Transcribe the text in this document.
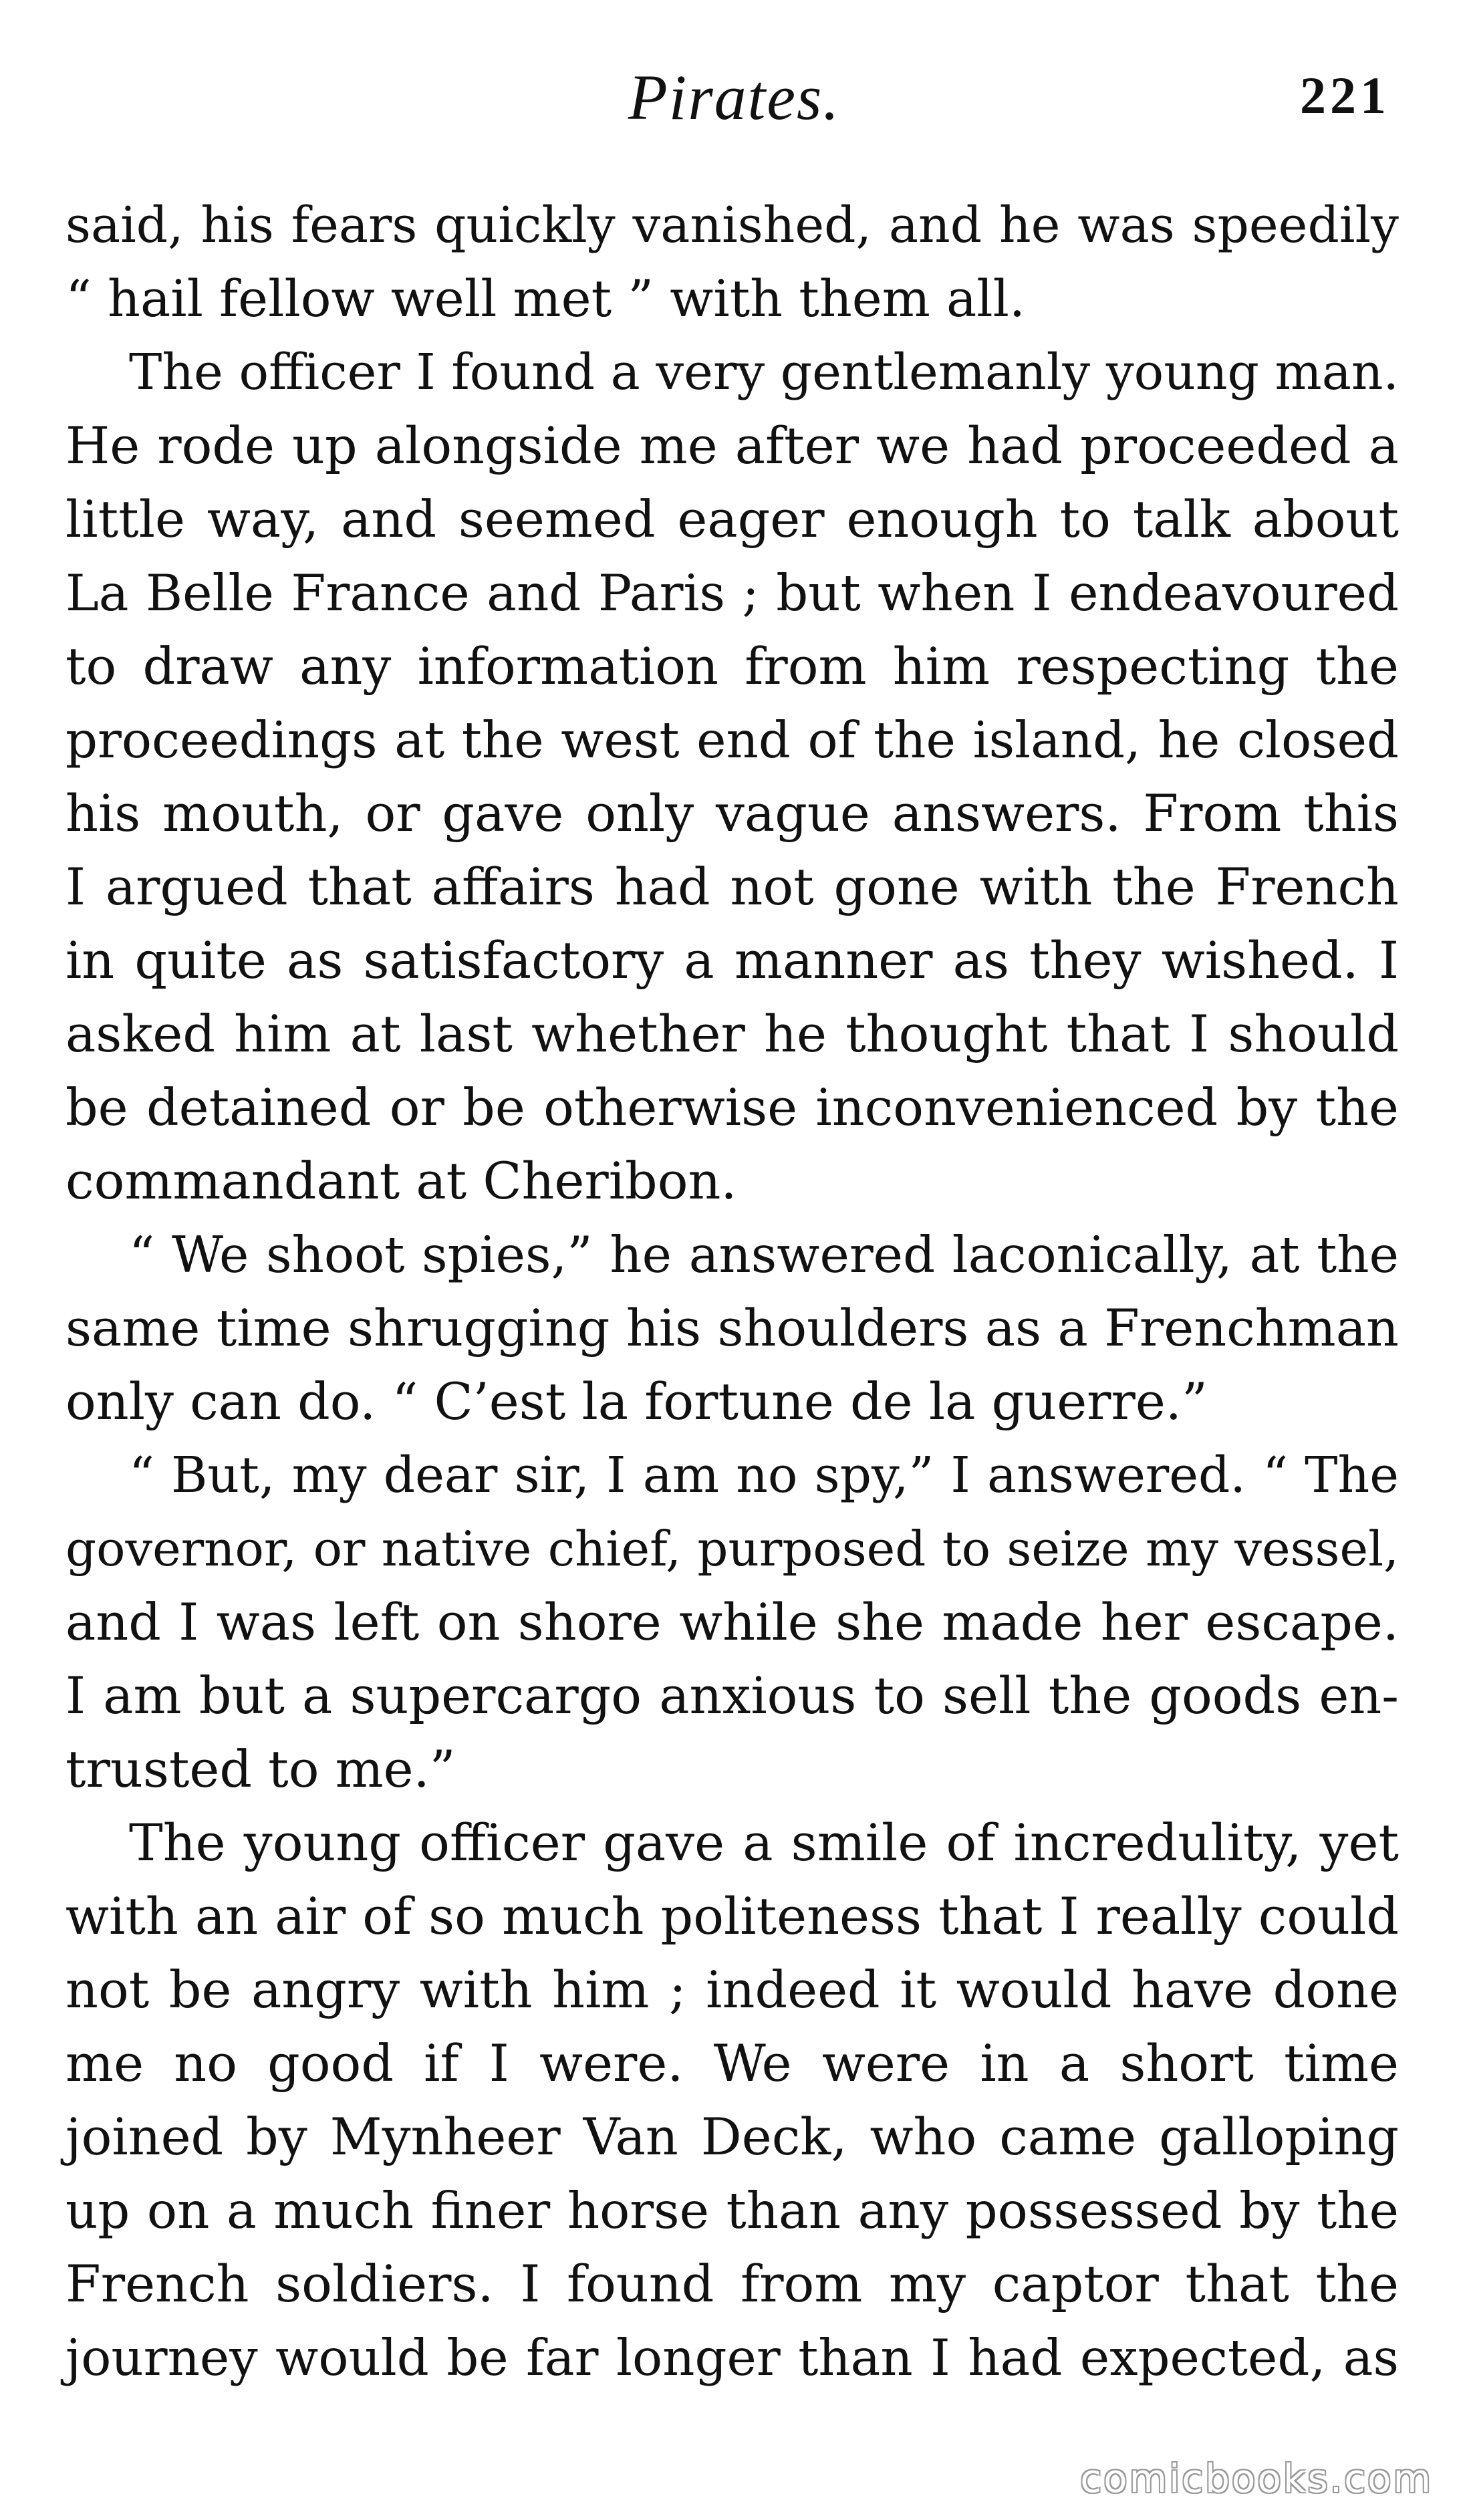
Pirates.	221
said, his fears quickly vanished, and he was speedily
“ hail fellow well met ” with them all.
The officer I found a very gentlemanly young man.
He rode up alongside me after we had proceeded a
little way, and seemed eager enough to talk about
La Belle France and Paris ; but when I endeavoured
to draw any information from him respecting the
proceedings at the west end of the island, he closed
his mouth, or gave only vague answers. From this
I argued that affairs had not gone with the French
in quite as satisfactory a manner as they wished. I
asked him at last whether he thought that I should
be detained or be otherwise inconvenienced by the
commandant at Cheribon.
“ We shoot spies,” he answered laconically, at the
same time shrugging his shoulders as a Frenchman
only can do. “ C’est la fortune de la guerre.”
“ But, my dear sir, I am no spy,” I answered. “ The
governor, or native chief, purposed to seize my vessel,
and I was left on shore while she made her escape.
I am but a supercargo anxious to sell the goods en-
trusted to me.”
The young officer gave a smile of incredulity, yet
with an air of so much politeness that I really could
not be angry with him ; indeed it would have done
me no good if I were. We were in a short time
joined by Mynheer Van Deck, who came galloping
up on a much finer horse than any possessed by the
French soldiers. I found from my captor that the
journey would be far longer than I had expected, as
comicbooks.com
